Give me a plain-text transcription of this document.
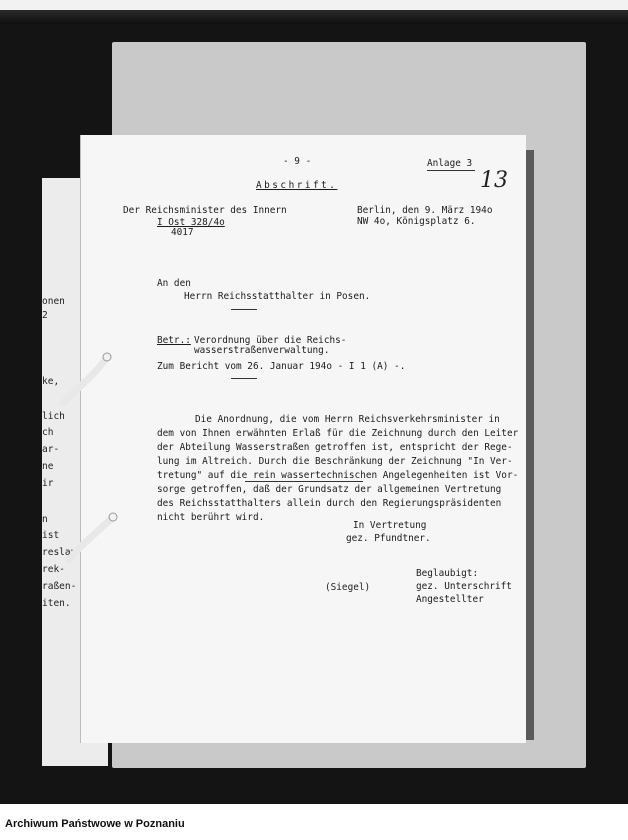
onen
2
ke,
lich
ch
ar-
ne
ir
n
ist
reslau
rek-
raßen-
iten.
- 9 -	Anlage 3
13
Abschrift.
Der Reichsminister des Innern
I Ost 328/4o
4017
Berlin, den 9. März 194o
NW 4o, Königsplatz 6.
An den
Herrn Reichsstatthalter in Posen.
Betr.: Verordnung über die Reichs-
wasserstraßenverwaltung.
Zum Bericht vom 26. Januar 194o - I 1 (A) -.
Die Anordnung, die vom Herrn Reichsverkehrsminister in
dem von Ihnen erwähnten Erlaß für die Zeichnung durch den Leiter
der Abteilung Wasserstraßen getroffen ist, entspricht der Rege-
lung im Altreich. Durch die Beschränkung der Zeichnung "In Ver-
tretung" auf die rein wassertechnischen Angelegenheiten ist Vor-
sorge getroffen, daß der Grundsatz der allgemeinen Vertretung
des Reichsstatthalters allein durch den Regierungspräsidenten
nicht berührt wird.
In Vertretung
gez. Pfundtner.
(Siegel)
Beglaubigt:
gez. Unterschrift
Angestellter
Archiwum Państwowe w Poznaniu
